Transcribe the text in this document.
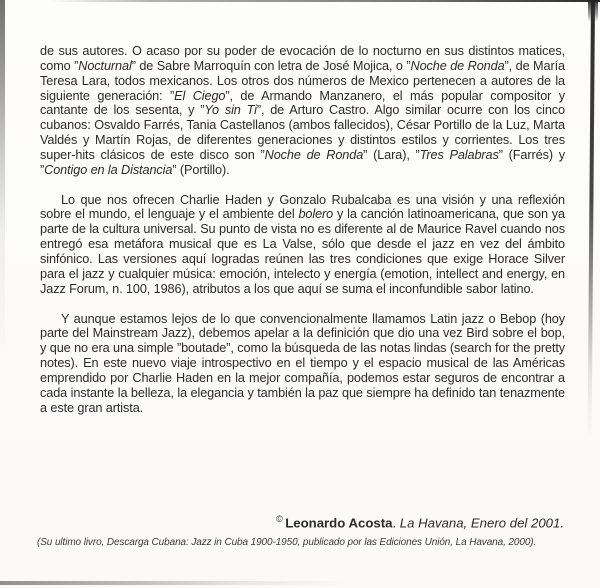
de sus autores. O acaso por su poder de evocación de lo nocturno en sus distintos matices, como ”Nocturnal” de Sabre Marroquín con letra de José Mojica, o ”Noche de Ronda”, de María Teresa Lara, todos mexicanos. Los otros dos números de Mexico pertenecen a autores de la siguiente generación: ”El Ciego”, de Armando Manzanero, el más popular compositor y cantante de los sesenta, y ”Yo sin Ti”, de Arturo Castro. Algo similar ocurre con los cinco cubanos: Osvaldo Farrés, Tania Castellanos (ambos fallecidos), César Portillo de la Luz, Marta Valdés y Martín Rojas, de diferentes generaciones y distintos estilos y corrientes. Los tres super-hits clásicos de este disco son ”Noche de Ronda” (Lara), ”Tres Palabras” (Farrés) y ”Contigo en la Distancia” (Portillo).

Lo que nos ofrecen Charlie Haden y Gonzalo Rubalcaba es una visión y una reflexión sobre el mundo, el lenguaje y el ambiente del bolero y la canción latinoamericana, que son ya parte de la cultura universal. Su punto de vista no es diferente al de Maurice Ravel cuando nos entregó esa metáfora musical que es La Valse, sólo que desde el jazz en vez del ámbito sinfónico. Las versiones aquí logradas reúnen las tres condiciones que exige Horace Silver para el jazz y cualquier música: emoción, intelecto y energía (emotion, intellect and energy, en Jazz Forum, n. 100, 1986), atributos a los que aquí se suma el inconfundible sabor latino.

Y aunque estamos lejos de lo que convencionalmente llamamos Latin jazz o Bebop (hoy parte del Mainstream Jazz), debemos apelar a la definición que dio una vez Bird sobre el bop, y que no era una simple ”boutade”, como la búsqueda de las notas lindas (search for the pretty notes). En este nuevo viaje introspectivo en el tiempo y el espacio musical de las Américas emprendido por Charlie Haden en la mejor compañía, podemos estar seguros de encontrar a cada instante la belleza, la elegancia y también la paz que siempre ha definido tan tenazmente a este gran artista.

© Leonardo Acosta. La Havana, Enero del 2001.
(Su ultimo livro, Descarga Cubana: Jazz in Cuba 1900-1950, publicado por las Ediciones Unión, La Havana, 2000).
